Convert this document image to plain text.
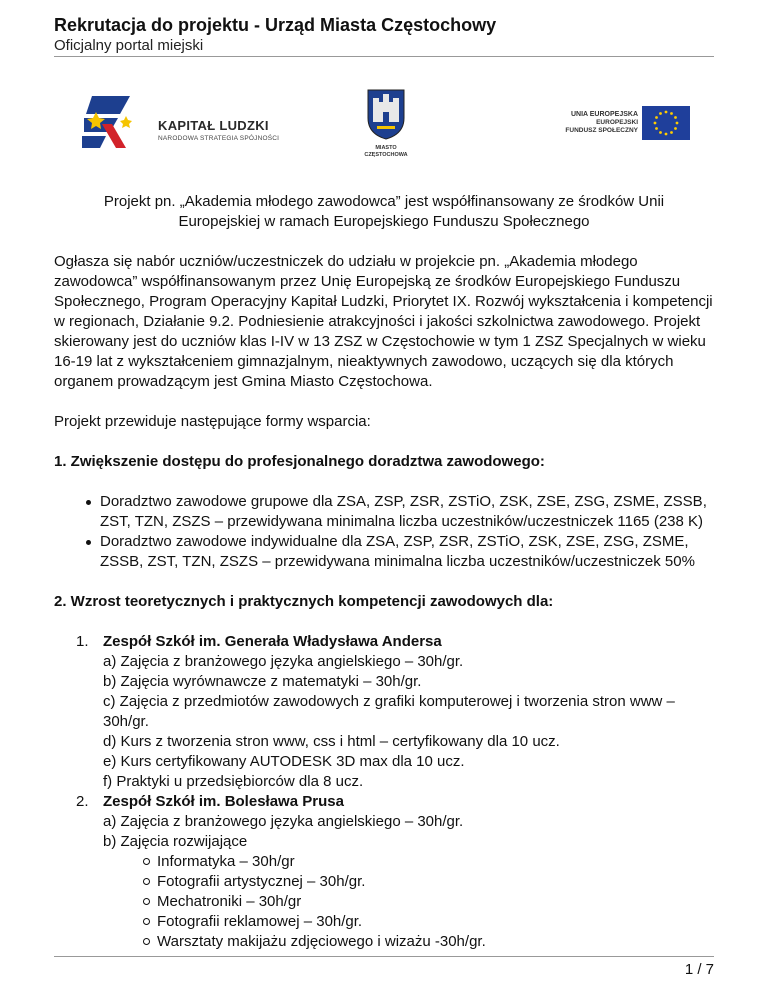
Rekrutacja do projektu - Urząd Miasta Częstochowy
Oficjalny portal miejski
KAPITAŁ LUDZKI
NARODOWA STRATEGIA SPÓJNOŚCI
MIASTO
CZĘSTOCHOWA
UNIA EUROPEJSKA
EUROPEJSKI
FUNDUSZ SPOŁECZNY

Projekt pn. „Akademia młodego zawodowca” jest współfinansowany ze środków Unii Europejskiej w ramach Europejskiego Funduszu Społecznego

Ogłasza się nabór uczniów/uczestniczek do udziału w projekcie pn. „Akademia młodego zawodowca” współfinansowanym przez Unię Europejską ze środków Europejskiego Funduszu Społecznego, Program Operacyjny Kapitał Ludzki, Priorytet IX. Rozwój wykształcenia i kompetencji w regionach, Działanie 9.2. Podniesienie atrakcyjności i jakości szkolnictwa zawodowego. Projekt skierowany jest do uczniów klas I-IV w 13 ZSZ w Częstochowie w tym 1 ZSZ Specjalnych w wieku 16-19 lat z wykształceniem gimnazjalnym, nieaktywnych zawodowo, uczących się dla których organem prowadzącym jest Gmina Miasto Częstochowa.

Projekt przewiduje następujące formy wsparcia:

1. Zwiększenie dostępu do profesjonalnego doradztwa zawodowego:
Doradztwo zawodowe grupowe dla ZSA, ZSP, ZSR, ZSTiO, ZSK, ZSE, ZSG, ZSME, ZSSB, ZST, TZN, ZSZS – przewidywana minimalna liczba uczestników/uczestniczek 1165 (238 K)
Doradztwo zawodowe indywidualne dla ZSA, ZSP, ZSR, ZSTiO, ZSK, ZSE, ZSG, ZSME, ZSSB, ZST, TZN, ZSZS – przewidywana minimalna liczba uczestników/uczestniczek 50%
2. Wzrost teoretycznych i praktycznych kompetencji zawodowych dla:
1. Zespół Szkół im. Generała Władysława Andersa
a) Zajęcia z branżowego języka angielskiego – 30h/gr.
b) Zajęcia wyrównawcze z matematyki – 30h/gr.
c) Zajęcia z przedmiotów zawodowych z grafiki komputerowej i tworzenia stron www – 30h/gr.
d) Kurs z tworzenia stron www, css i html – certyfikowany dla 10 ucz.
e) Kurs certyfikowany AUTODESK 3D max dla 10 ucz.
f) Praktyki u przedsiębiorców dla 8 ucz.
2. Zespół Szkół im. Bolesława Prusa
a) Zajęcia z branżowego języka angielskiego – 30h/gr.
b) Zajęcia rozwijające
Informatyka – 30h/gr
Fotografii artystycznej – 30h/gr.
Mechatroniki – 30h/gr
Fotografii reklamowej – 30h/gr.
Warsztaty makijażu zdjęciowego i wizażu -30h/gr.
1 / 7
